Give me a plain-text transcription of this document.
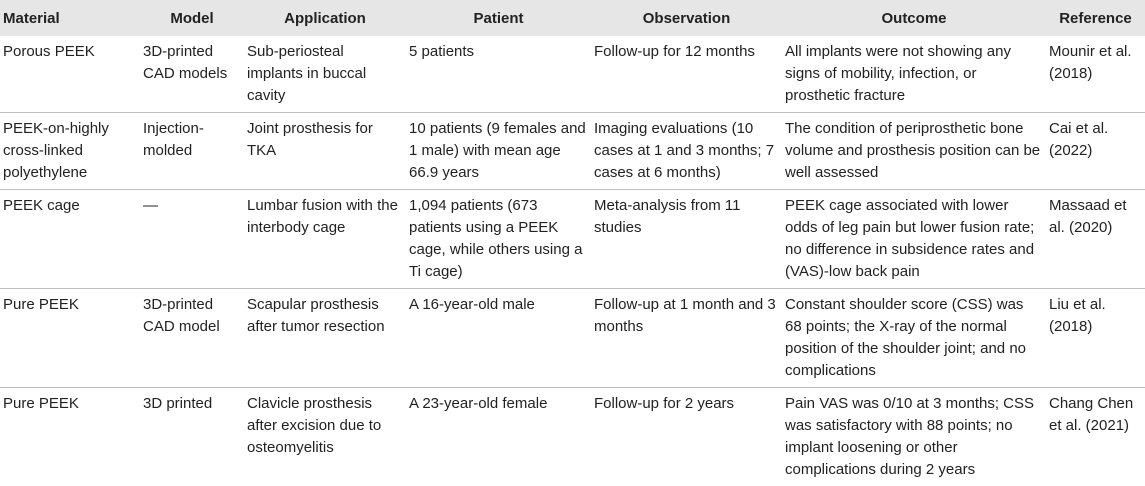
Material	Model	Application	Patient	Observation	Outcome	Reference
Porous PEEK	3D-printed CAD models	Sub-periosteal implants in buccal cavity	5 patients	Follow-up for 12 months	All implants were not showing any signs of mobility, infection, or prosthetic fracture	Mounir et al. (2018)
PEEK-on-highly cross-linked polyethylene	Injection-molded	Joint prosthesis for TKA	10 patients (9 females and 1 male) with mean age 66.9 years	Imaging evaluations (10 cases at 1 and 3 months; 7 cases at 6 months)	The condition of periprosthetic bone volume and prosthesis position can be well assessed	Cai et al. (2022)
PEEK cage	—	Lumbar fusion with the interbody cage	1,094 patients (673 patients using a PEEK cage, while others using a Ti cage)	Meta-analysis from 11 studies	PEEK cage associated with lower odds of leg pain but lower fusion rate; no difference in subsidence rates and (VAS)-low back pain	Massaad et al. (2020)
Pure PEEK	3D-printed CAD model	Scapular prosthesis after tumor resection	A 16-year-old male	Follow-up at 1 month and 3 months	Constant shoulder score (CSS) was 68 points; the X-ray of the normal position of the shoulder joint; and no complications	Liu et al. (2018)
Pure PEEK	3D printed	Clavicle prosthesis after excision due to osteomyelitis	A 23-year-old female	Follow-up for 2 years	Pain VAS was 0/10 at 3 months; CSS was satisfactory with 88 points; no implant loosening or other complications during 2 years	Chang Chen et al. (2021)
